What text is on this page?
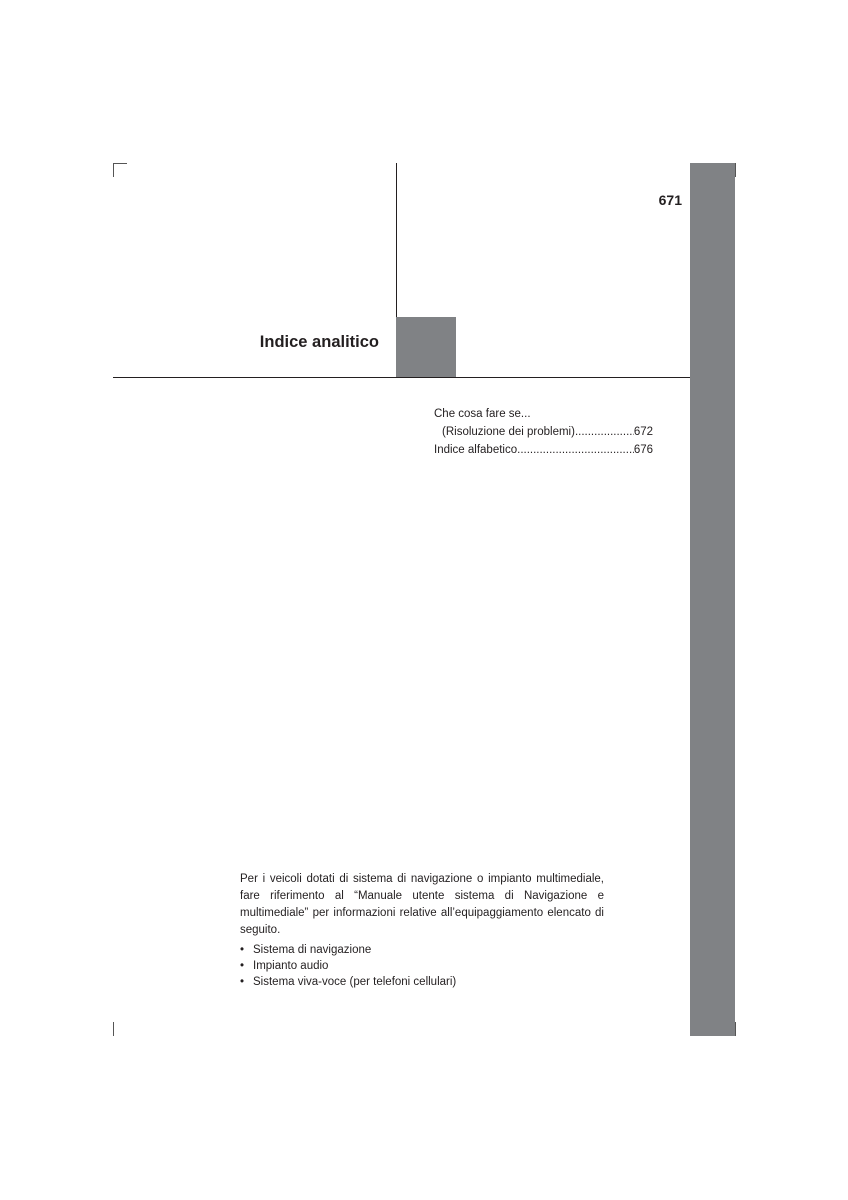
671
Indice analitico
Che cosa fare se...
(Risoluzione dei problemi) .....	672
Indice alfabetico .....	676

Per i veicoli dotati di sistema di navigazione o impianto multimediale, fare riferimento al “Manuale utente sistema di Navigazione e multimediale” per informazioni relative all’equipaggiamento elencato di seguito.

• Sistema di navigazione
• Impianto audio
• Sistema viva-voce (per telefoni cellulari)
